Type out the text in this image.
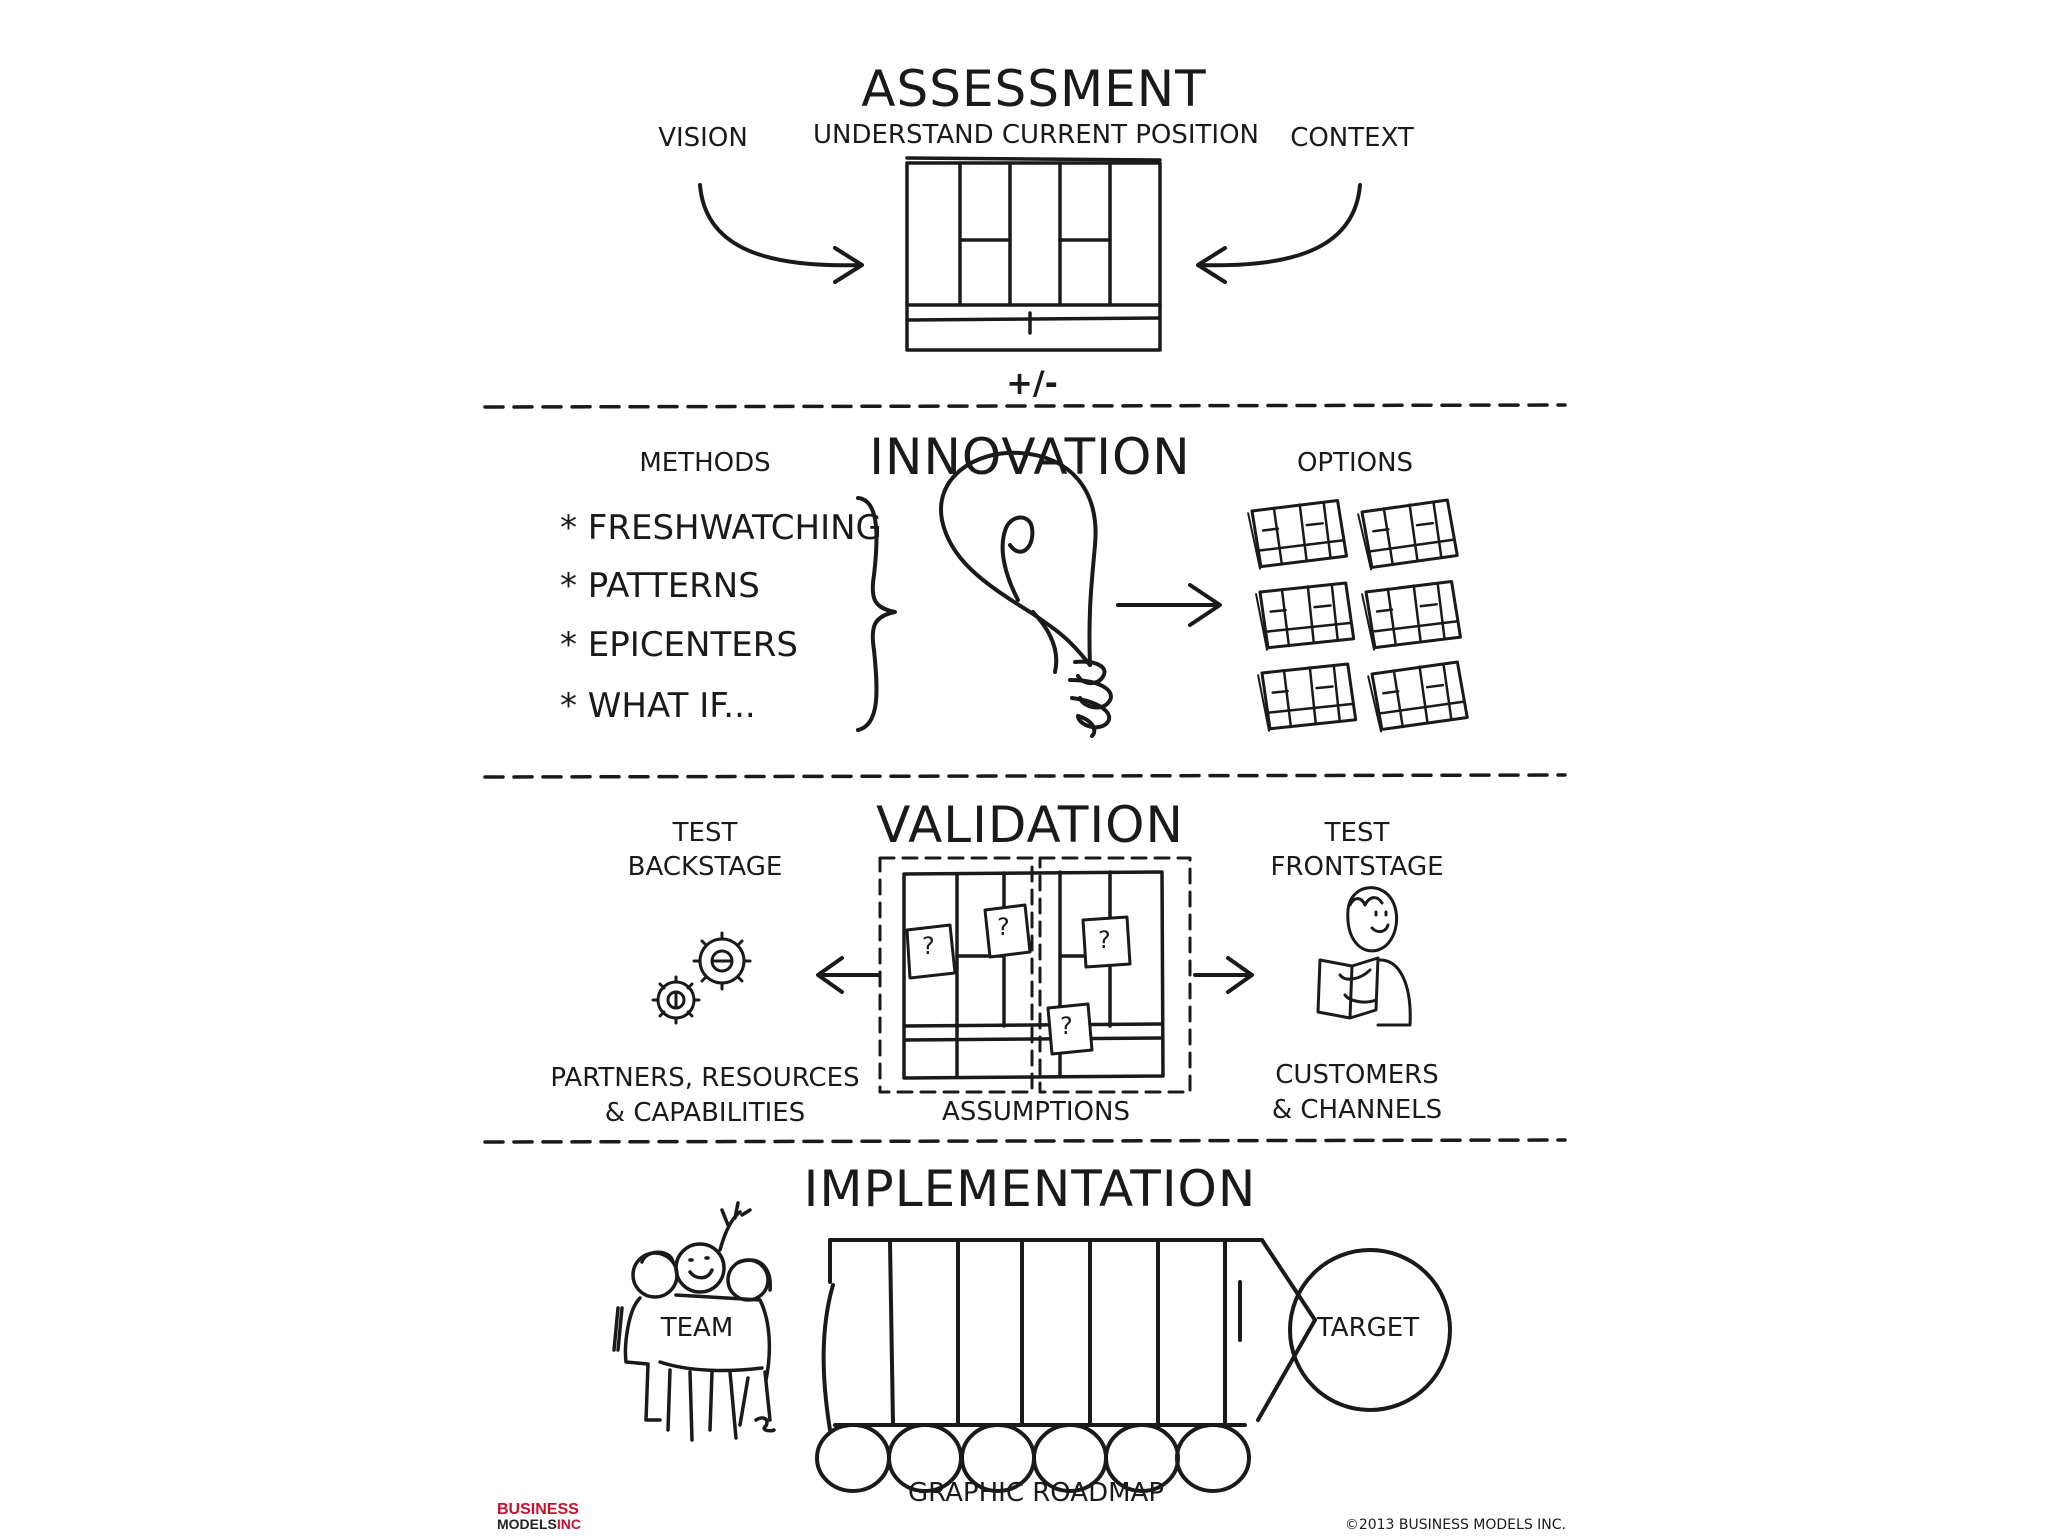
ASSESSMENT
UNDERSTAND CURRENT POSITION
VISION	CONTEXT
+/-
INNOVATION
METHODS	OPTIONS
* FRESHWATCHING
* PATTERNS
* EPICENTERS
* WHAT IF...
VALIDATION
TEST
BACKSTAGE
TEST
FRONTSTAGE
PARTNERS, RESOURCES
& CAPABILITIES
CUSTOMERS
& CHANNELS
ASSUMPTIONS
?
?	?
?
IMPLEMENTATION
TEAM	TARGET
GRAPHIC ROADMAP
BUSINESS
MODELSINC	©2013 BUSINESS MODELS INC.
